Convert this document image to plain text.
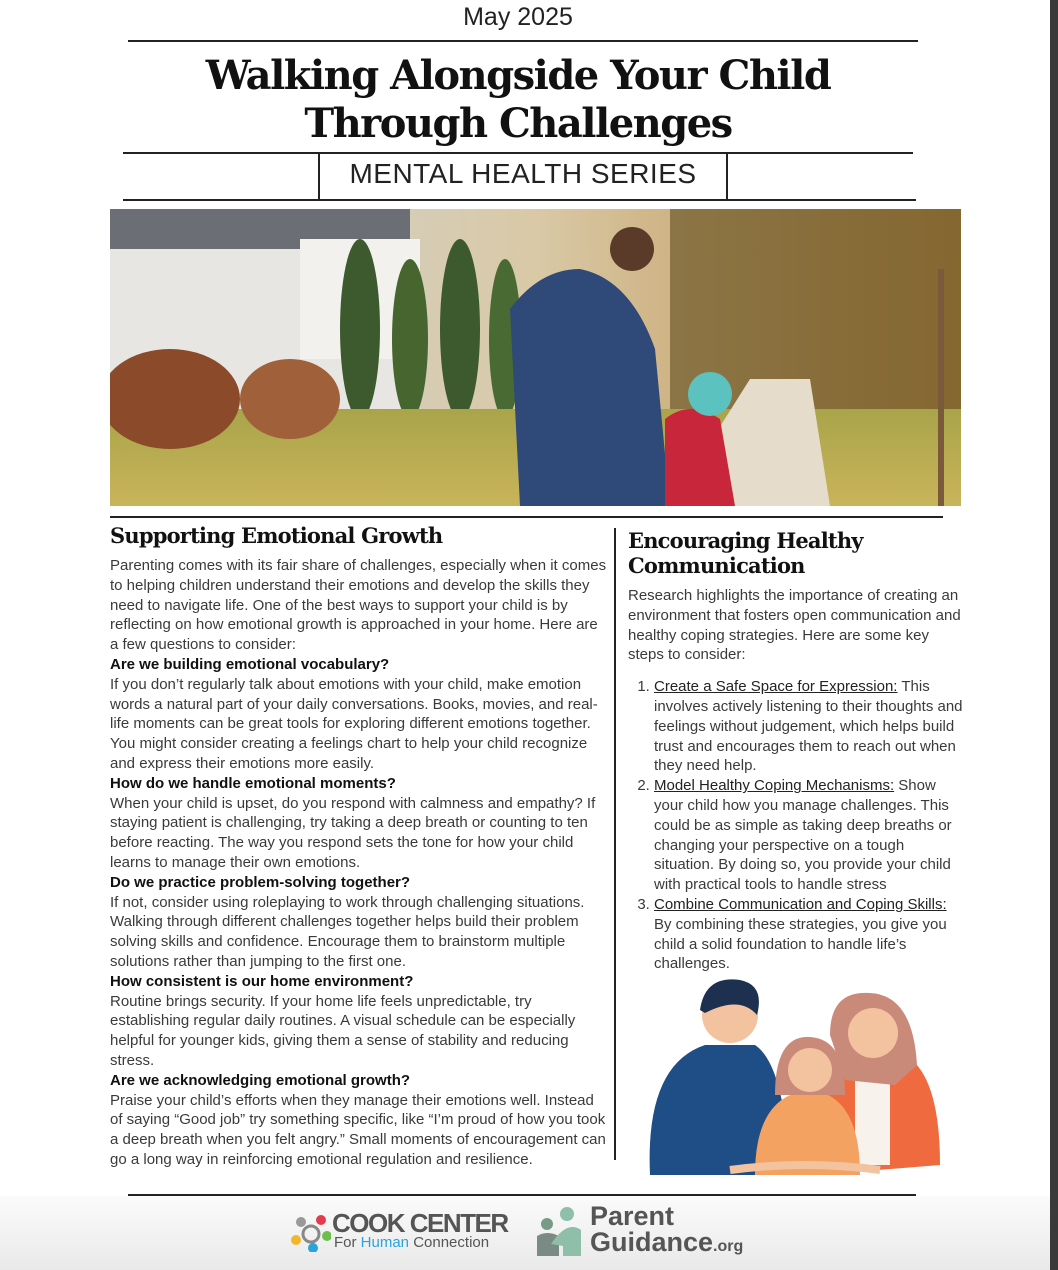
May 2025
Walking Alongside Your Child
Through Challenges
MENTAL HEALTH SERIES
Supporting Emotional Growth

Parenting comes with its fair share of challenges, especially when it comes to helping children understand their emotions and develop the skills they need to navigate life. One of the best ways to support your child is by reflecting on how emotional growth is approached in your home. Here are a few questions to consider:

Are we building emotional vocabulary?

If you don’t regularly talk about emotions with your child, make emotion words a natural part of your daily conversations. Books, movies, and real-life moments can be great tools for exploring different emotions together. You might consider creating a feelings chart to help your child recognize and express their emotions more easily.

How do we handle emotional moments?

When your child is upset, do you respond with calmness and empathy? If staying patient is challenging, try taking a deep breath or counting to ten before reacting. The way you respond sets the tone for how your child learns to manage their own emotions.

Do we practice problem-solving together?

If not, consider using roleplaying to work through challenging situations. Walking through different challenges together helps build their problem solving skills and confidence. Encourage them to brainstorm multiple solutions rather than jumping to the first one.

How consistent is our home environment?

Routine brings security. If your home life feels unpredictable, try establishing regular daily routines. A visual schedule can be especially helpful for younger kids, giving them a sense of stability and reducing stress.

Are we acknowledging emotional growth?

Praise your child’s efforts when they manage their emotions well. Instead of saying “Good job” try something specific, like “I’m proud of how you took a deep breath when you felt angry.” Small moments of encouragement can go a long way in reinforcing emotional regulation and resilience.

Encouraging Healthy Communication

Research highlights the importance of creating an environment that fosters open communication and healthy coping strategies. Here are some key steps to consider:

1. Create a Safe Space for Expression: This involves actively listening to their thoughts and feelings without judgement, which helps build trust and encourages them to reach out when they need help.
2. Model Healthy Coping Mechanisms: Show your child how you manage challenges. This could be as simple as taking deep breaths or changing your perspective on a tough situation. By doing so, you provide your child with practical tools to handle stress
3. Combine Communication and Coping Skills: By combining these strategies, you give you child a solid foundation to handle life’s challenges.
COOK CENTER
For Human Connection
Parent
Guidance.org
